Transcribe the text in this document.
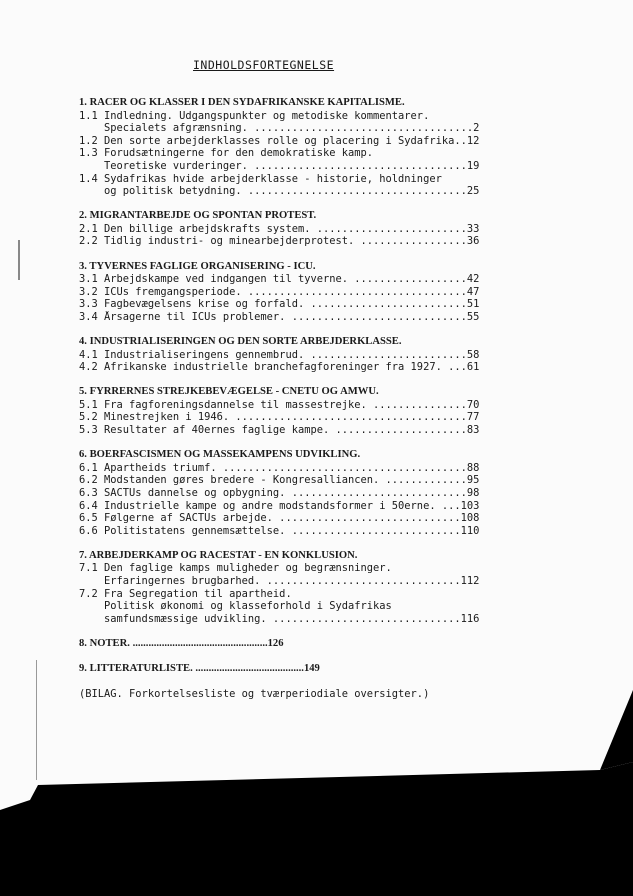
INDHOLDSFORTEGNELSE
1. RACER OG KLASSER I DEN SYDAFRIKANSKE KAPITALISME.
1.1 Indledning. Udgangspunkter og metodiske kommentarer.
Specialets afgrænsning. ...................................2
1.2 Den sorte arbejderklasses rolle og placering i Sydafrika..12
1.3 Forudsætningerne for den demokratiske kamp.
Teoretiske vurderinger. ..................................19
1.4 Sydafrikas hvide arbejderklasse - historie, holdninger
og politisk betydning. ...................................25
2. MIGRANTARBEJDE OG SPONTAN PROTEST.
2.1 Den billige arbejdskrafts system. ........................33
2.2 Tidlig industri- og minearbejderprotest. .................36
3. TYVERNES FAGLIGE ORGANISERING - ICU.
3.1 Arbejdskampe ved indgangen til tyverne. ..................42
3.2 ICUs fremgangsperiode. ...................................47
3.3 Fagbevægelsens krise og forfald. .........................51
3.4 Årsagerne til ICUs problemer. ............................55
4. INDUSTRIALISERINGEN OG DEN SORTE ARBEJDERKLASSE.
4.1 Industrialiseringens gennembrud. .........................58
4.2 Afrikanske industrielle branchefagforeninger fra 1927. ...61
5. FYRRERNES STREJKEBEVÆGELSE - CNETU OG AMWU.
5.1 Fra fagforeningsdannelse til massestrejke. ...............70
5.2 Minestrejken i 1946. .....................................77
5.3 Resultater af 40ernes faglige kampe. .....................83
6. BOERFASCISMEN OG MASSEKAMPENS UDVIKLING.
6.1 Apartheids triumf. .......................................88
6.2 Modstanden gøres bredere - Kongresalliancen. .............95
6.3 SACTUs dannelse og opbygning. ............................98
6.4 Industrielle kampe og andre modstandsformer i 50erne. ...103
6.5 Følgerne af SACTUs arbejde. .............................108
6.6 Politistatens gennemsættelse. ...........................110
7. ARBEJDERKAMP OG RACESTAT - EN KONKLUSION.
7.1 Den faglige kamps muligheder og begrænsninger.
Erfaringernes brugbarhed. ...............................112
7.2 Fra Segregation til apartheid.
Politisk økonomi og klasseforhold i Sydafrikas
samfundsmæssige udvikling. ..............................116
8. NOTER. ...................................................126
9. LITTERATURLISTE. .........................................149
(BILAG. Forkortelsesliste og tværperiodiale oversigter.)
